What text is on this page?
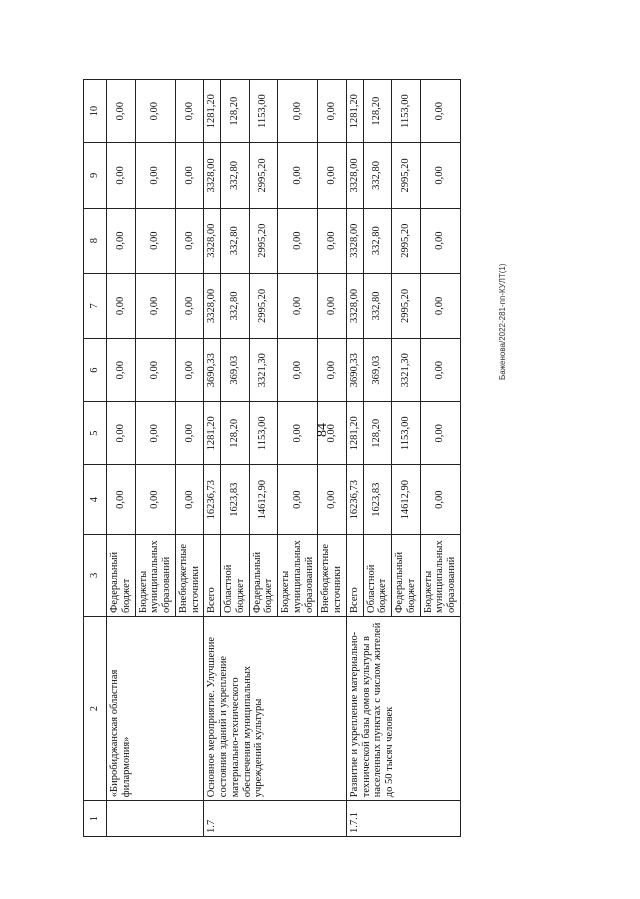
84
Баженова/2022-281-пп-КУЛТ(1)
1	2	3	4	5	6	7	8	9	10
	«Биробиджанская областная филармония»	Федеральный бюджет	0,00	0,00	0,00	0,00	0,00	0,00	0,00
		Бюджеты муниципальных образований	0,00	0,00	0,00	0,00	0,00	0,00	0,00
		Внебюджетные источники	0,00	0,00	0,00	0,00	0,00	0,00	0,00
1.7	Основное мероприятие. Улучшение состояния зданий и укрепление материально-технического обеспечения муниципальных учреждений культуры	Всего	16236,73	1281,20	3690,33	3328,00	3328,00	3328,00	1281,20
		Областной бюджет	1623,83	128,20	369,03	332,80	332,80	332,80	128,20
		Федеральный бюджет	14612,90	1153,00	3321,30	2995,20	2995,20	2995,20	1153,00
		Бюджеты муниципальных образований	0,00	0,00	0,00	0,00	0,00	0,00	0,00
		Внебюджетные источники	0,00	0,00	0,00	0,00	0,00	0,00	0,00
1.7.1	Развитие и укрепление материально-технической базы домов культуры в населенных пунктах с числом жителей до 50 тысяч человек	Всего	16236,73	1281,20	3690,33	3328,00	3328,00	3328,00	1281,20
		Областной бюджет	1623,83	128,20	369,03	332,80	332,80	332,80	128,20
		Федеральный бюджет	14612,90	1153,00	3321,30	2995,20	2995,20	2995,20	1153,00
		Бюджеты муниципальных образований	0,00	0,00	0,00	0,00	0,00	0,00	0,00
